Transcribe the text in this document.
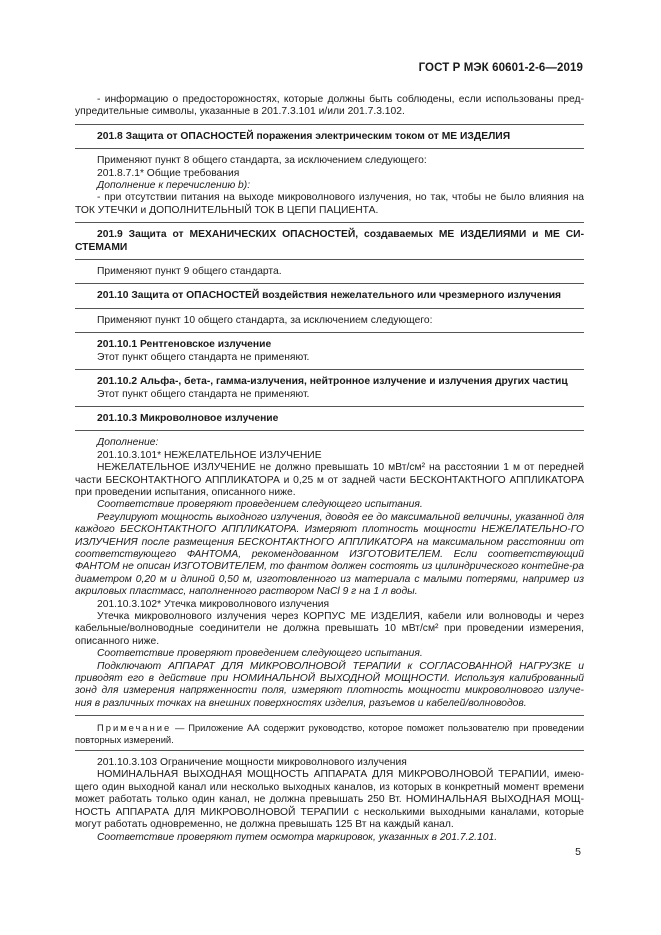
ГОСТ Р МЭК 60601-2-6—2019

- информацию о предосторожностях, которые должны быть соблюдены, если использованы пред-упредительные символы, указанные в 201.7.3.101 и/или 201.7.3.102.

201.8 Защита от ОПАСНОСТЕЙ поражения электрическим током от МЕ ИЗДЕЛИЯ

Применяют пункт 8 общего стандарта, за исключением следующего:

201.8.7.1* Общие требования

Дополнение к перечислению b):

- при отсутствии питания на выходе микроволнового излучения, но так, чтобы не было влияния на ТОК УТЕЧКИ и ДОПОЛНИТЕЛЬНЫЙ ТОК В ЦЕПИ ПАЦИЕНТА.

201.9 Защита от МЕХАНИЧЕСКИХ ОПАСНОСТЕЙ, создаваемых МЕ ИЗДЕЛИЯМИ и МЕ СИ-СТЕМАМИ

Применяют пункт 9 общего стандарта.

201.10 Защита от ОПАСНОСТЕЙ воздействия нежелательного или чрезмерного излучения

Применяют пункт 10 общего стандарта, за исключением следующего:

201.10.1 Рентгеновское излучение

Этот пункт общего стандарта не применяют.

201.10.2 Альфа-, бета-, гамма-излучения, нейтронное излучение и излучения других частиц

Этот пункт общего стандарта не применяют.

201.10.3 Микроволновое излучение

Дополнение:

201.10.3.101* НЕЖЕЛАТЕЛЬНОЕ ИЗЛУЧЕНИЕ

НЕЖЕЛАТЕЛЬНОЕ ИЗЛУЧЕНИЕ не должно превышать 10 мВт/см² на расстоянии 1 м от передней части БЕСКОНТАКТНОГО АППЛИКАТОРА и 0,25 м от задней части БЕСКОНТАКТНОГО АППЛИКАТОРА при проведении испытания, описанного ниже.

Соответствие проверяют проведением следующего испытания.

Регулируют мощность выходного излучения, доводя ее до максимальной величины, указанной для каждого БЕСКОНТАКТНОГО АППЛИКАТОРА. Измеряют плотность мощности НЕЖЕЛАТЕЛЬНО-ГО ИЗЛУЧЕНИЯ после размещения БЕСКОНТАКТНОГО АППЛИКАТОРА на максимальном расстоянии от соответствующего ФАНТОМА, рекомендованном ИЗГОТОВИТЕЛЕМ. Если соответствующий ФАНТОМ не описан ИЗГОТОВИТЕЛЕМ, то фантом должен состоять из цилиндрического контейне-ра диаметром 0,20 м и длиной 0,50 м, изготовленного из материала с малыми потерями, например из акриловых пластмасс, наполненного раствором NaCl 9 г на 1 л воды.

201.10.3.102* Утечка микроволнового излучения

Утечка микроволнового излучения через КОРПУС МЕ ИЗДЕЛИЯ, кабели или волноводы и через кабельные/волноводные соединители не должна превышать 10 мВт/см² при проведении измерения, описанного ниже.

Соответствие проверяют проведением следующего испытания.

Подключают АППАРАТ ДЛЯ МИКРОВОЛНОВОЙ ТЕРАПИИ к СОГЛАСОВАННОЙ НАГРУЗКЕ и приводят его в действие при НОМИНАЛЬНОЙ ВЫХОДНОЙ МОЩНОСТИ. Используя калиброванный зонд для измерения напряженности поля, измеряют плотность мощности микроволнового излуче-ния в различных точках на внешних поверхностях изделия, разъемов и кабелей/волноводов.

Примечание — Приложение АА содержит руководство, которое поможет пользователю при проведении повторных измерений.

201.10.3.103 Ограничение мощности микроволнового излучения

НОМИНАЛЬНАЯ ВЫХОДНАЯ МОЩНОСТЬ АППАРАТА ДЛЯ МИКРОВОЛНОВОЙ ТЕРАПИИ, имею-щего один выходной канал или несколько выходных каналов, из которых в конкретный момент времени может работать только один канал, не должна превышать 250 Вт. НОМИНАЛЬНАЯ ВЫХОДНАЯ МОЩ-НОСТЬ АППАРАТА ДЛЯ МИКРОВОЛНОВОЙ ТЕРАПИИ с несколькими выходными каналами, которые могут работать одновременно, не должна превышать 125 Вт на каждый канал.

Соответствие проверяют путем осмотра маркировок, указанных в 201.7.2.101.

5
